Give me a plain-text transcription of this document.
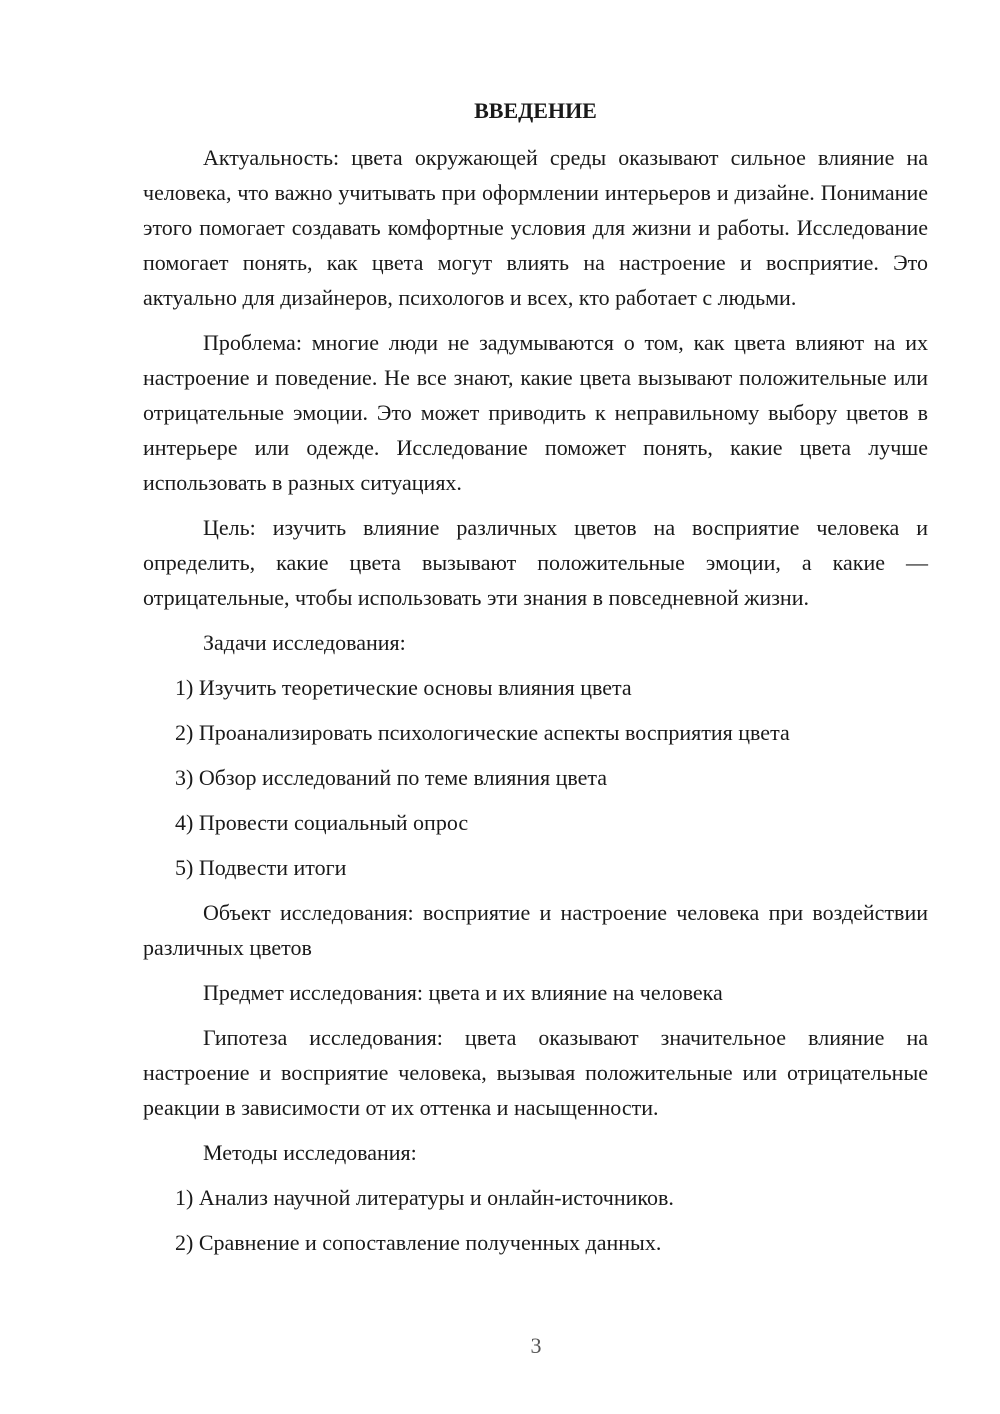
ВВЕДЕНИЕ

Актуальность: цвета окружающей среды оказывают сильное влияние на человека, что важно учитывать при оформлении интерьеров и дизайне. Понимание этого помогает создавать комфортные условия для жизни и работы. Исследование помогает понять, как цвета могут влиять на настроение и восприятие. Это актуально для дизайнеров, психологов и всех, кто работает с людьми.

Проблема: многие люди не задумываются о том, как цвета влияют на их настроение и поведение. Не все знают, какие цвета вызывают положительные или отрицательные эмоции. Это может приводить к неправильному выбору цветов в интерьере или одежде. Исследование поможет понять, какие цвета лучше использовать в разных ситуациях.

Цель: изучить влияние различных цветов на восприятие человека и определить, какие цвета вызывают положительные эмоции, а какие — отрицательные, чтобы использовать эти знания в повседневной жизни.

Задачи исследования:

1) Изучить теоретические основы влияния цвета
2) Проанализировать психологические аспекты восприятия цвета
3) Обзор исследований по теме влияния цвета
4) Провести социальный опрос
5) Подвести итоги

Объект исследования: восприятие и настроение человека при воздействии различных цветов

Предмет исследования: цвета и их влияние на человека

Гипотеза исследования: цвета оказывают значительное влияние на настроение и восприятие человека, вызывая положительные или отрицательные реакции в зависимости от их оттенка и насыщенности.

Методы исследования:

1) Анализ научной литературы и онлайн-источников.
2) Сравнение и сопоставление полученных данных.
3
